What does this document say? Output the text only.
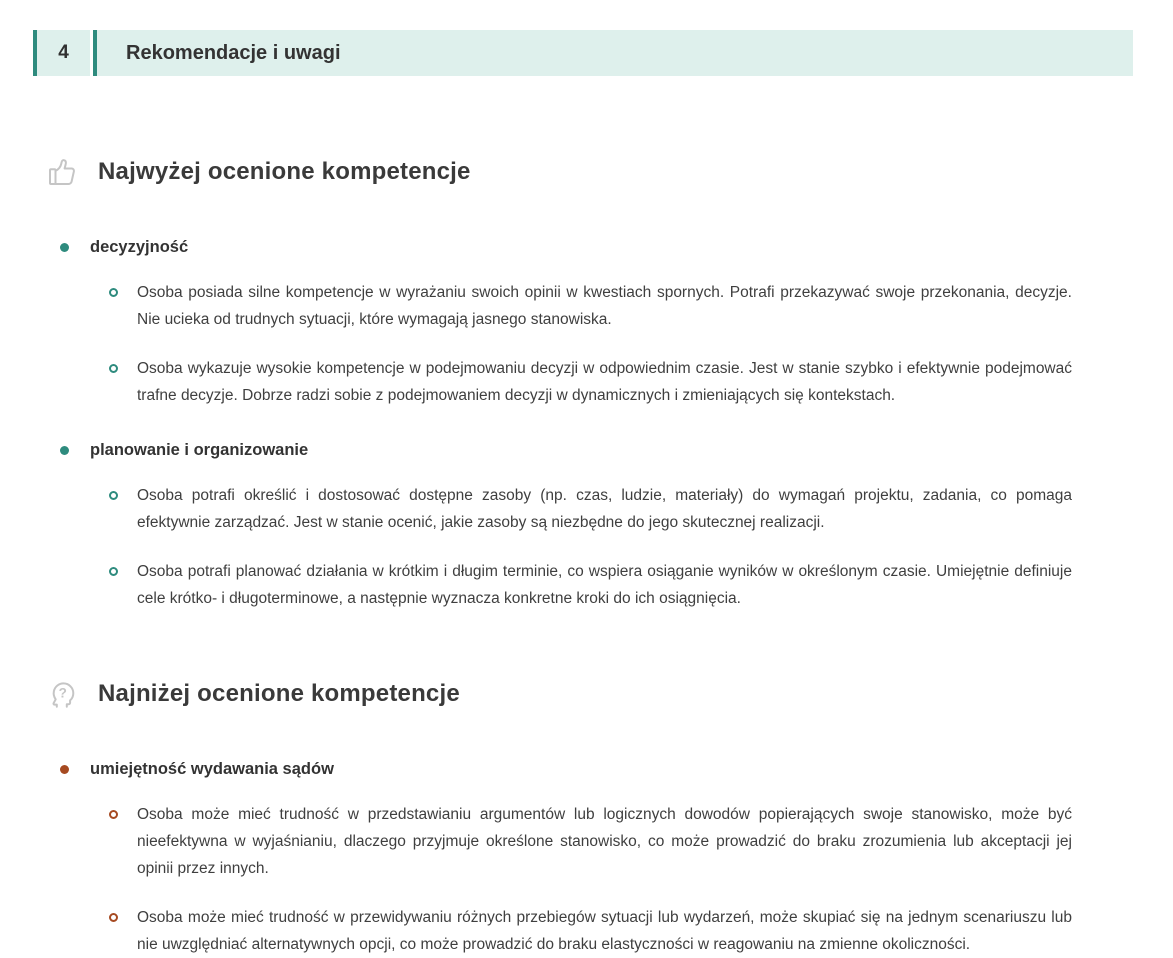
4	Rekomendacje i uwagi
Najwyżej ocenione kompetencje
decyzyjność

Osoba posiada silne kompetencje w wyrażaniu swoich opinii w kwestiach spornych. Potrafi przekazywać swoje przekonania, decyzje. Nie ucieka od trudnych sytuacji, które wymagają jasnego stanowiska.

Osoba wykazuje wysokie kompetencje w podejmowaniu decyzji w odpowiednim czasie. Jest w stanie szybko i efektywnie podejmować trafne decyzje. Dobrze radzi sobie z podejmowaniem decyzji w dynamicznych i zmieniających się kontekstach.

planowanie i organizowanie

Osoba potrafi określić i dostosować dostępne zasoby (np. czas, ludzie, materiały) do wymagań projektu, zadania, co pomaga efektywnie zarządzać. Jest w stanie ocenić, jakie zasoby są niezbędne do jego skutecznej realizacji.

Osoba potrafi planować działania w krótkim i długim terminie, co wspiera osiąganie wyników w określonym czasie. Umiejętnie definiuje cele krótko- i długoterminowe, a następnie wyznacza konkretne kroki do ich osiągnięcia.

? Najniżej ocenione kompetencje
umiejętność wydawania sądów

Osoba może mieć trudność w przedstawianiu argumentów lub logicznych dowodów popierających swoje stanowisko, może być nieefektywna w wyjaśnianiu, dlaczego przyjmuje określone stanowisko, co może prowadzić do braku zrozumienia lub akceptacji jej opinii przez innych.

Osoba może mieć trudność w przewidywaniu różnych przebiegów sytuacji lub wydarzeń, może skupiać się na jednym scenariuszu lub nie uwzględniać alternatywnych opcji, co może prowadzić do braku elastyczności w reagowaniu na zmienne okoliczności.
